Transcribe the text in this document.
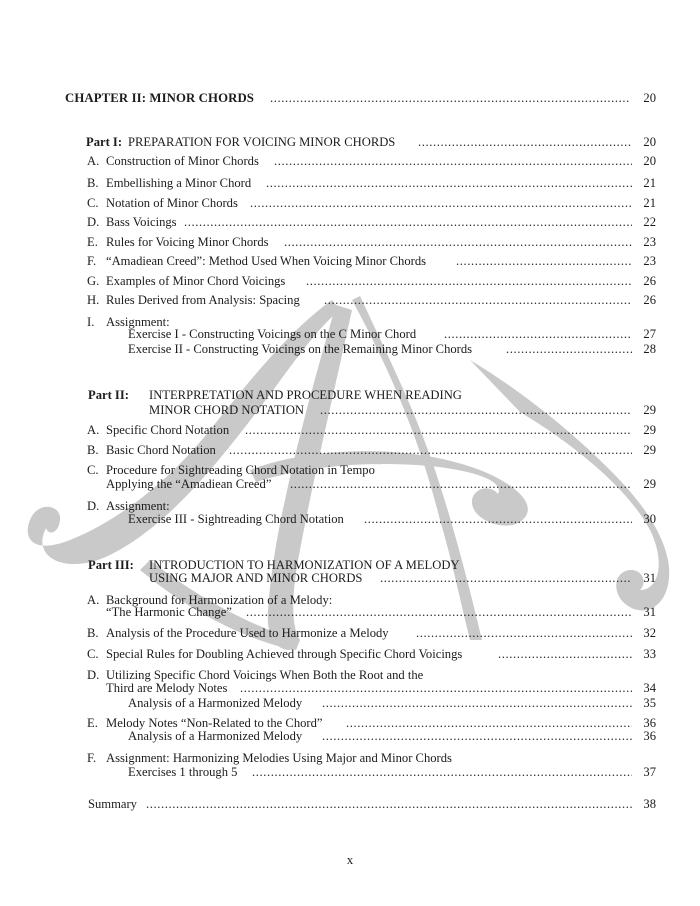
CHAPTER II: MINOR CHORDS .....	20
Part I: PREPARATION FOR VOICING MINOR CHORDS .....	20
A. Construction of Minor Chords .....	20
B. Embellishing a Minor Chord .....	21
C. Notation of Minor Chords .....	21
D. Bass Voicings .....	22
E. Rules for Voicing Minor Chords .....	23
F. “Amadiean Creed”: Method Used When Voicing Minor Chords .....	23
G. Examples of Minor Chord Voicings .....	26
H. Rules Derived from Analysis: Spacing .....	26
I. Assignment:
Exercise I - Constructing Voicings on the C Minor Chord .....	27
Exercise II - Constructing Voicings on the Remaining Minor Chords .....	28
Part II: INTERPRETATION AND PROCEDURE WHEN READING
MINOR CHORD NOTATION .....	29
A. Specific Chord Notation .....	29
B. Basic Chord Notation .....	29
C. Procedure for Sightreading Chord Notation in Tempo
Applying the “Amadiean Creed” .....	29
D. Assignment:
Exercise III - Sightreading Chord Notation .....	30
Part III: INTRODUCTION TO HARMONIZATION OF A MELODY
USING MAJOR AND MINOR CHORDS .....	31
A. Background for Harmonization of a Melody:
“The Harmonic Change” .....	31
B. Analysis of the Procedure Used to Harmonize a Melody .....	32
C. Special Rules for Doubling Achieved through Specific Chord Voicings .....	33
D. Utilizing Specific Chord Voicings When Both the Root and the
Third are Melody Notes .....	34
Analysis of a Harmonized Melody .....	35
E. Melody Notes “Non-Related to the Chord” .....	36
Analysis of a Harmonized Melody .....	36
F. Assignment: Harmonizing Melodies Using Major and Minor Chords
Exercises 1 through 5 .....	37
Summary .....	38
x
